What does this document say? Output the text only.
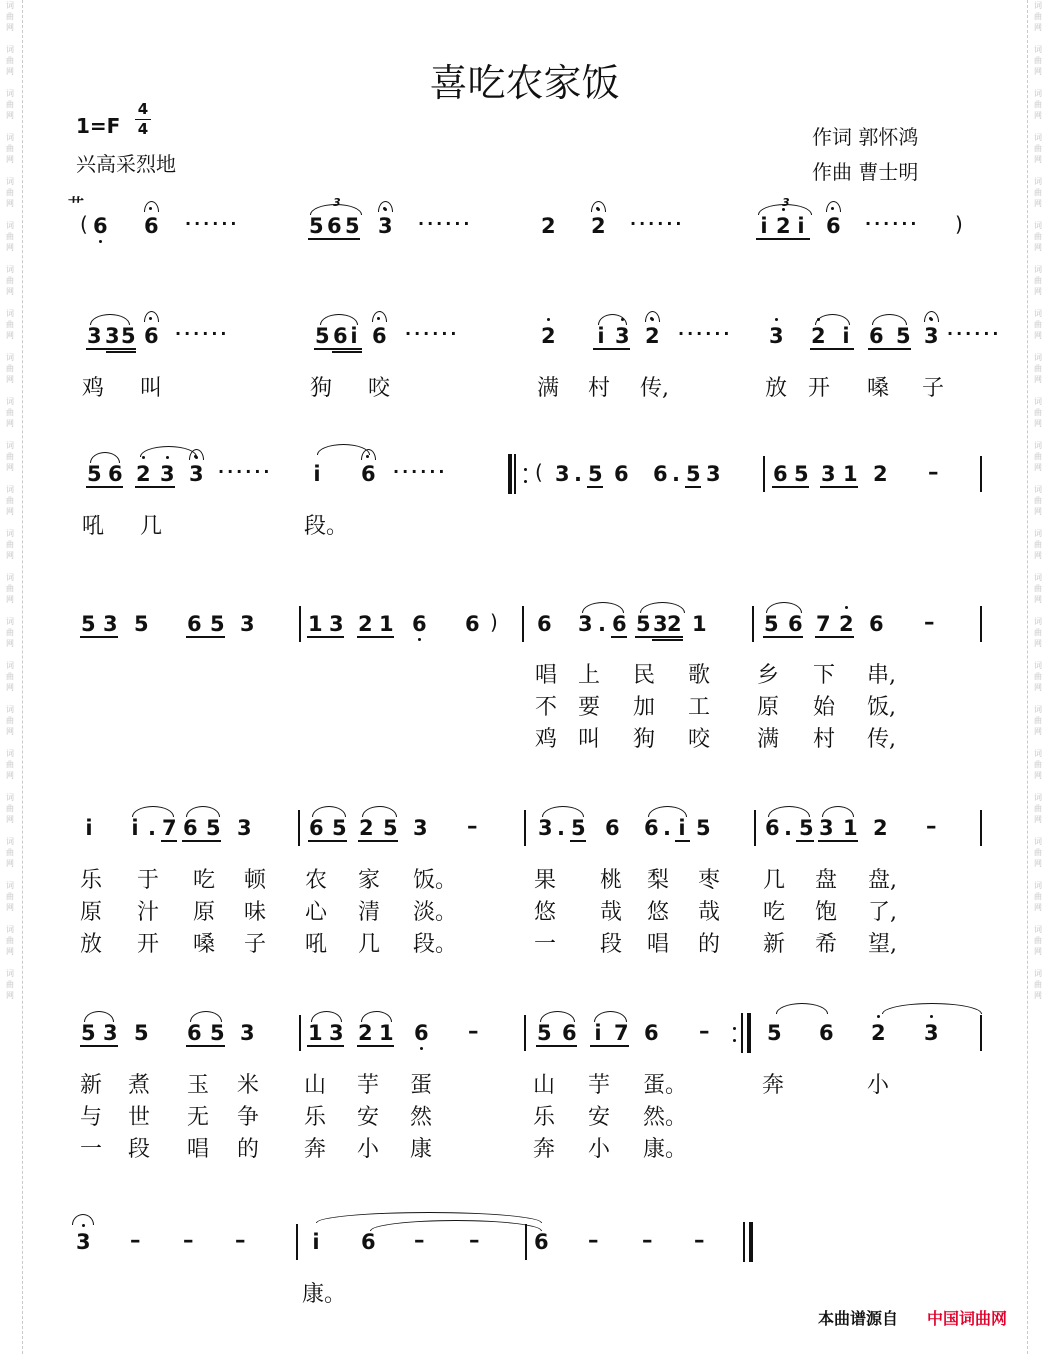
词
曲
网

词
曲
网

词
曲
网

词
曲
网

词
曲
网

词
曲
网

词
曲
网

词
曲
网

词
曲
网

词
曲
网

词
曲
网

词
曲
网

词
曲
网

词
曲
网

词
曲
网

词
曲
网

词
曲
网

词
曲
网

词
曲
网

词
曲
网

词
曲
网

词
曲
网

词
曲
网

词
曲
网

词
曲
网

词
曲
网

词
曲
网

词
曲
网

词
曲
网

词
曲
网

词
曲
网

词
曲
网

词
曲
网

词
曲
网

词
曲
网

词
曲
网

词
曲
网

词
曲
网

词
曲
网

词
曲
网

词
曲
网

词
曲
网

词
曲
网

词
曲
网

词
曲
网

词
曲
网

喜吃农家饭
1=F
4
4
兴高采烈地
作词 郭怀鸿
作曲 曹士明
( 6 6 ······	5 6 5
3
3 ······	2 2 ······	i 2 i
3
6 ······ )
艹
3 3 5 6 ······	5 6 i 6 ······	2 i 3 2 ······ 3 2 i 6 5 3 ······
鸡 叫	狗 咬	满 村 传,	放 开 嗓 子
5 6 2 3 3 ······ i 6 ······	( 3 . 5 6 6 . 5 3 6 5 3 1 2 –
吼 几	段。
5 3 5 6 5 3	1 3 2 1 6 6 ) 6 3 . 6 5 3 2 1	5 6 7 2 6 –
唱 上 民 歌 乡 下 串,
不 要 加 工 原 始 饭,
鸡 叫 狗 咬 满 村 传,
i i . 7 6 5 3	6 5 2 5 3 –	3 . 5 6 6 . i 5	6 . 5 3 1 2 –
乐 于 吃 顿 农 家 饭。	果 桃 梨 枣 几 盘 盘,
原 汁 原 味 心 清 淡。	悠 哉 悠 哉 吃 饱 了,
放 开 嗓 子 吼 几 段。	一 段 唱 的 新 希 望,
5 3 5 6 5 3	1 3 2 1 6 –	5 6 i 7 6 –	5 6 2 3
新 煮 玉 米 山 芋 蛋	山 芋 蛋。	奔	小
与 世 无 争 乐 安 然	乐 安 然。
一 段 唱 的 奔 小 康	奔 小 康。
3 – – –	i 6 – –	6 – – –
康。
本曲谱源自 中国词曲网
